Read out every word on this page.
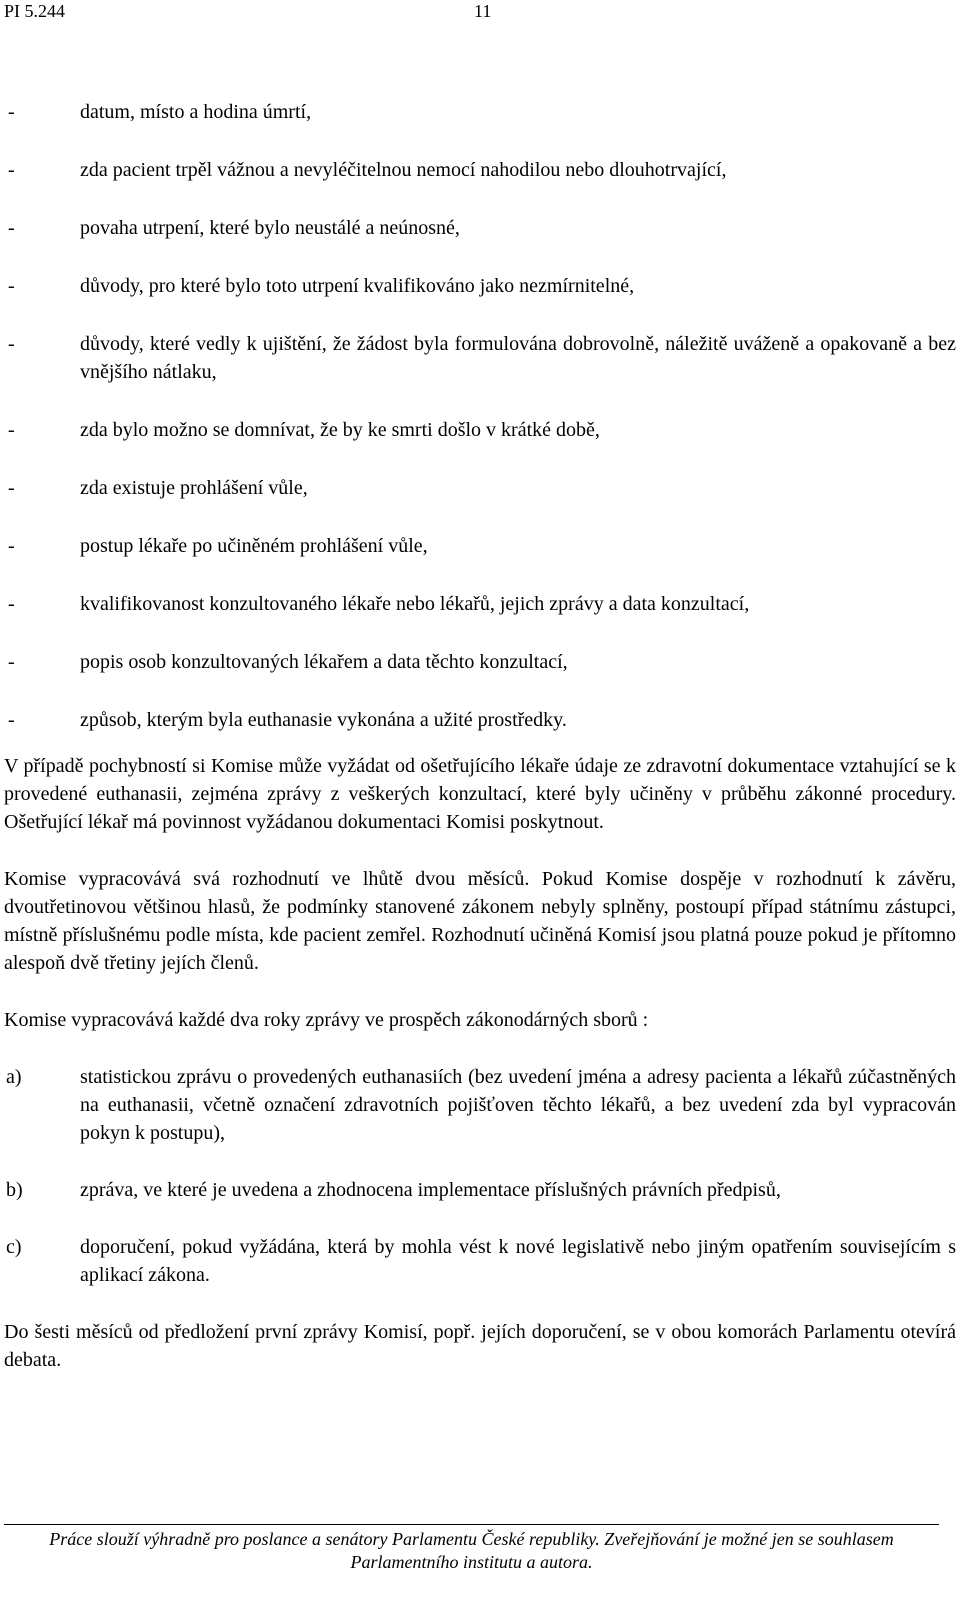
PI 5.244	11
-	datum, místo a hodina úmrtí,
-	zda pacient trpěl vážnou a nevyléčitelnou nemocí nahodilou nebo dlouhotrvající,
-	povaha utrpení, které bylo neustálé a neúnosné,
-	důvody, pro které bylo toto utrpení kvalifikováno jako nezmírnitelné,
-	důvody, které vedly k ujištění, že žádost byla formulována dobrovolně, náležitě uváženě a opakovaně a bez vnějšího nátlaku,
-	zda bylo možno se domnívat, že by ke smrti došlo v krátké době,
-	zda existuje prohlášení vůle,
-	postup lékaře po učiněném prohlášení vůle,
-	kvalifikovanost konzultovaného lékaře nebo lékařů, jejich zprávy a data konzultací,
-	popis osob konzultovaných lékařem a data těchto konzultací,
-	způsob, kterým byla euthanasie vykonána a užité prostředky.

V případě pochybností si Komise může vyžádat od ošetřujícího lékaře údaje ze zdravotní dokumentace vztahující se k provedené euthanasii, zejména zprávy z veškerých konzultací, které byly učiněny v průběhu zákonné procedury. Ošetřující lékař má povinnost vyžádanou dokumentaci Komisi poskytnout.

Komise vypracovává svá rozhodnutí ve lhůtě dvou měsíců. Pokud Komise dospěje v rozhodnutí k závěru, dvoutřetinovou většinou hlasů, že podmínky stanovené zákonem nebyly splněny, postoupí případ státnímu zástupci, místně příslušnému podle místa, kde pacient zemřel. Rozhodnutí učiněná Komisí jsou platná pouze pokud je přítomno alespoň dvě třetiny jejích členů.

Komise vypracovává každé dva roky zprávy ve prospěch zákonodárných sborů :

a)	statistickou zprávu o provedených euthanasiích (bez uvedení jména a adresy pacienta a lékařů zúčastněných na euthanasii, včetně označení zdravotních pojišťoven těchto lékařů, a bez uvedení zda byl vypracován pokyn k postupu),
b)	zpráva, ve které je uvedena a zhodnocena implementace příslušných právních předpisů,
c)	doporučení, pokud vyžádána, která by mohla vést k nové legislativě nebo jiným opatřením souvisejícím s aplikací zákona.

Do šesti měsíců od předložení první zprávy Komisí, popř. jejích doporučení, se v obou komorách Parlamentu otevírá debata.

Práce slouží výhradně pro poslance a senátory Parlamentu České republiky. Zveřejňování je možné jen se souhlasem Parlamentního institutu a autora.
